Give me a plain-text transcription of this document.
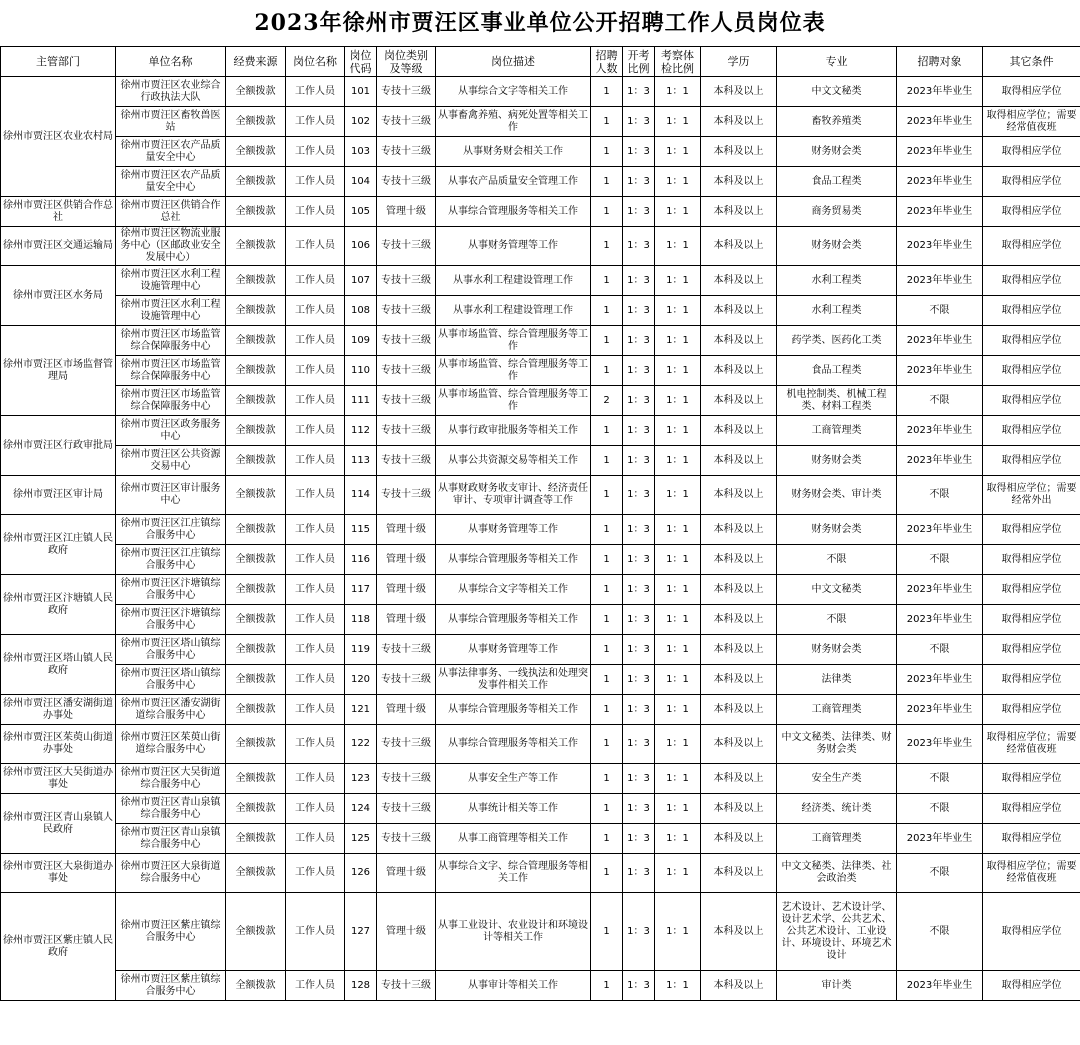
2023年徐州市贾汪区事业单位公开招聘工作人员岗位表
主管部门	单位名称	经费来源	岗位名称	岗位代码	岗位类别及等级	岗位描述	招聘人数	开考比例	考察体检比例	学历	专业	招聘对象	其它条件
徐州市贾汪区农业农村局	徐州市贾汪区农业综合行政执法大队	全额拨款	工作人员	101	专技十三级	从事综合文字等相关工作	1	1：3	1：1	本科及以上	中文文秘类	2023年毕业生	取得相应学位
	徐州市贾汪区畜牧兽医站	全额拨款	工作人员	102	专技十三级	从事畜禽养殖、病死处置等相关工作	1	1：3	1：1	本科及以上	畜牧养殖类	2023年毕业生	取得相应学位；需要经常值夜班
	徐州市贾汪区农产品质量安全中心	全额拨款	工作人员	103	专技十三级	从事财务财会相关工作	1	1：3	1：1	本科及以上	财务财会类	2023年毕业生	取得相应学位
	徐州市贾汪区农产品质量安全中心	全额拨款	工作人员	104	专技十三级	从事农产品质量安全管理工作	1	1：3	1：1	本科及以上	食品工程类	2023年毕业生	取得相应学位
徐州市贾汪区供销合作总社	徐州市贾汪区供销合作总社	全额拨款	工作人员	105	管理十级	从事综合管理服务等相关工作	1	1：3	1：1	本科及以上	商务贸易类	2023年毕业生	取得相应学位
徐州市贾汪区交通运输局	徐州市贾汪区物流业服务中心（区邮政业安全发展中心）	全额拨款	工作人员	106	专技十三级	从事财务管理等工作	1	1：3	1：1	本科及以上	财务财会类	2023年毕业生	取得相应学位
徐州市贾汪区水务局	徐州市贾汪区水利工程设施管理中心	全额拨款	工作人员	107	专技十三级	从事水利工程建设管理工作	1	1：3	1：1	本科及以上	水利工程类	2023年毕业生	取得相应学位
	徐州市贾汪区水利工程设施管理中心	全额拨款	工作人员	108	专技十三级	从事水利工程建设管理工作	1	1：3	1：1	本科及以上	水利工程类	不限	取得相应学位
徐州市贾汪区市场监督管理局	徐州市贾汪区市场监管综合保障服务中心	全额拨款	工作人员	109	专技十三级	从事市场监管、综合管理服务等工作	1	1：3	1：1	本科及以上	药学类、医药化工类	2023年毕业生	取得相应学位
	徐州市贾汪区市场监管综合保障服务中心	全额拨款	工作人员	110	专技十三级	从事市场监管、综合管理服务等工作	1	1：3	1：1	本科及以上	食品工程类	2023年毕业生	取得相应学位
	徐州市贾汪区市场监管综合保障服务中心	全额拨款	工作人员	111	专技十三级	从事市场监管、综合管理服务等工作	2	1：3	1：1	本科及以上	机电控制类、机械工程类、材料工程类	不限	取得相应学位
徐州市贾汪区行政审批局	徐州市贾汪区政务服务中心	全额拨款	工作人员	112	专技十三级	从事行政审批服务等相关工作	1	1：3	1：1	本科及以上	工商管理类	2023年毕业生	取得相应学位
	徐州市贾汪区公共资源交易中心	全额拨款	工作人员	113	专技十三级	从事公共资源交易等相关工作	1	1：3	1：1	本科及以上	财务财会类	2023年毕业生	取得相应学位
徐州市贾汪区审计局	徐州市贾汪区审计服务中心	全额拨款	工作人员	114	专技十三级	从事财政财务收支审计、经济责任审计、专项审计调查等工作	1	1：3	1：1	本科及以上	财务财会类、审计类	不限	取得相应学位；需要经常外出
徐州市贾汪区江庄镇人民政府	徐州市贾汪区江庄镇综合服务中心	全额拨款	工作人员	115	管理十级	从事财务管理等工作	1	1：3	1：1	本科及以上	财务财会类	2023年毕业生	取得相应学位
	徐州市贾汪区江庄镇综合服务中心	全额拨款	工作人员	116	管理十级	从事综合管理服务等相关工作	1	1：3	1：1	本科及以上	不限	不限	取得相应学位
徐州市贾汪区汴塘镇人民政府	徐州市贾汪区汴塘镇综合服务中心	全额拨款	工作人员	117	管理十级	从事综合文字等相关工作	1	1：3	1：1	本科及以上	中文文秘类	2023年毕业生	取得相应学位
	徐州市贾汪区汴塘镇综合服务中心	全额拨款	工作人员	118	管理十级	从事综合管理服务等相关工作	1	1：3	1：1	本科及以上	不限	2023年毕业生	取得相应学位
徐州市贾汪区塔山镇人民政府	徐州市贾汪区塔山镇综合服务中心	全额拨款	工作人员	119	专技十三级	从事财务管理等工作	1	1：3	1：1	本科及以上	财务财会类	不限	取得相应学位
	徐州市贾汪区塔山镇综合服务中心	全额拨款	工作人员	120	专技十三级	从事法律事务、一线执法和处理突发事件相关工作	1	1：3	1：1	本科及以上	法律类	2023年毕业生	取得相应学位
徐州市贾汪区潘安湖街道办事处	徐州市贾汪区潘安湖街道综合服务中心	全额拨款	工作人员	121	管理十级	从事综合管理服务等相关工作	1	1：3	1：1	本科及以上	工商管理类	2023年毕业生	取得相应学位
徐州市贾汪区茱萸山街道办事处	徐州市贾汪区茱萸山街道综合服务中心	全额拨款	工作人员	122	专技十三级	从事综合管理服务等相关工作	1	1：3	1：1	本科及以上	中文文秘类、法律类、财务财会类	2023年毕业生	取得相应学位；需要经常值夜班
徐州市贾汪区大吴街道办事处	徐州市贾汪区大吴街道综合服务中心	全额拨款	工作人员	123	专技十三级	从事安全生产等工作	1	1：3	1：1	本科及以上	安全生产类	不限	取得相应学位
徐州市贾汪区青山泉镇人民政府	徐州市贾汪区青山泉镇综合服务中心	全额拨款	工作人员	124	专技十三级	从事统计相关等工作	1	1：3	1：1	本科及以上	经济类、统计类	不限	取得相应学位
	徐州市贾汪区青山泉镇综合服务中心	全额拨款	工作人员	125	专技十三级	从事工商管理等相关工作	1	1：3	1：1	本科及以上	工商管理类	2023年毕业生	取得相应学位
徐州市贾汪区大泉街道办事处	徐州市贾汪区大泉街道综合服务中心	全额拨款	工作人员	126	管理十级	从事综合文字、综合管理服务等相关工作	1	1：3	1：1	本科及以上	中文文秘类、法律类、社会政治类	不限	取得相应学位；需要经常值夜班
徐州市贾汪区紫庄镇人民政府	徐州市贾汪区紫庄镇综合服务中心	全额拨款	工作人员	127	管理十级	从事工业设计、农业设计和环境设计等相关工作	1	1：3	1：1	本科及以上	艺术设计、艺术设计学、设计艺术学、公共艺术、公共艺术设计、工业设计、环境设计、环境艺术设计	不限	取得相应学位
	徐州市贾汪区紫庄镇综合服务中心	全额拨款	工作人员	128	专技十三级	从事审计等相关工作	1	1：3	1：1	本科及以上	审计类	2023年毕业生	取得相应学位
